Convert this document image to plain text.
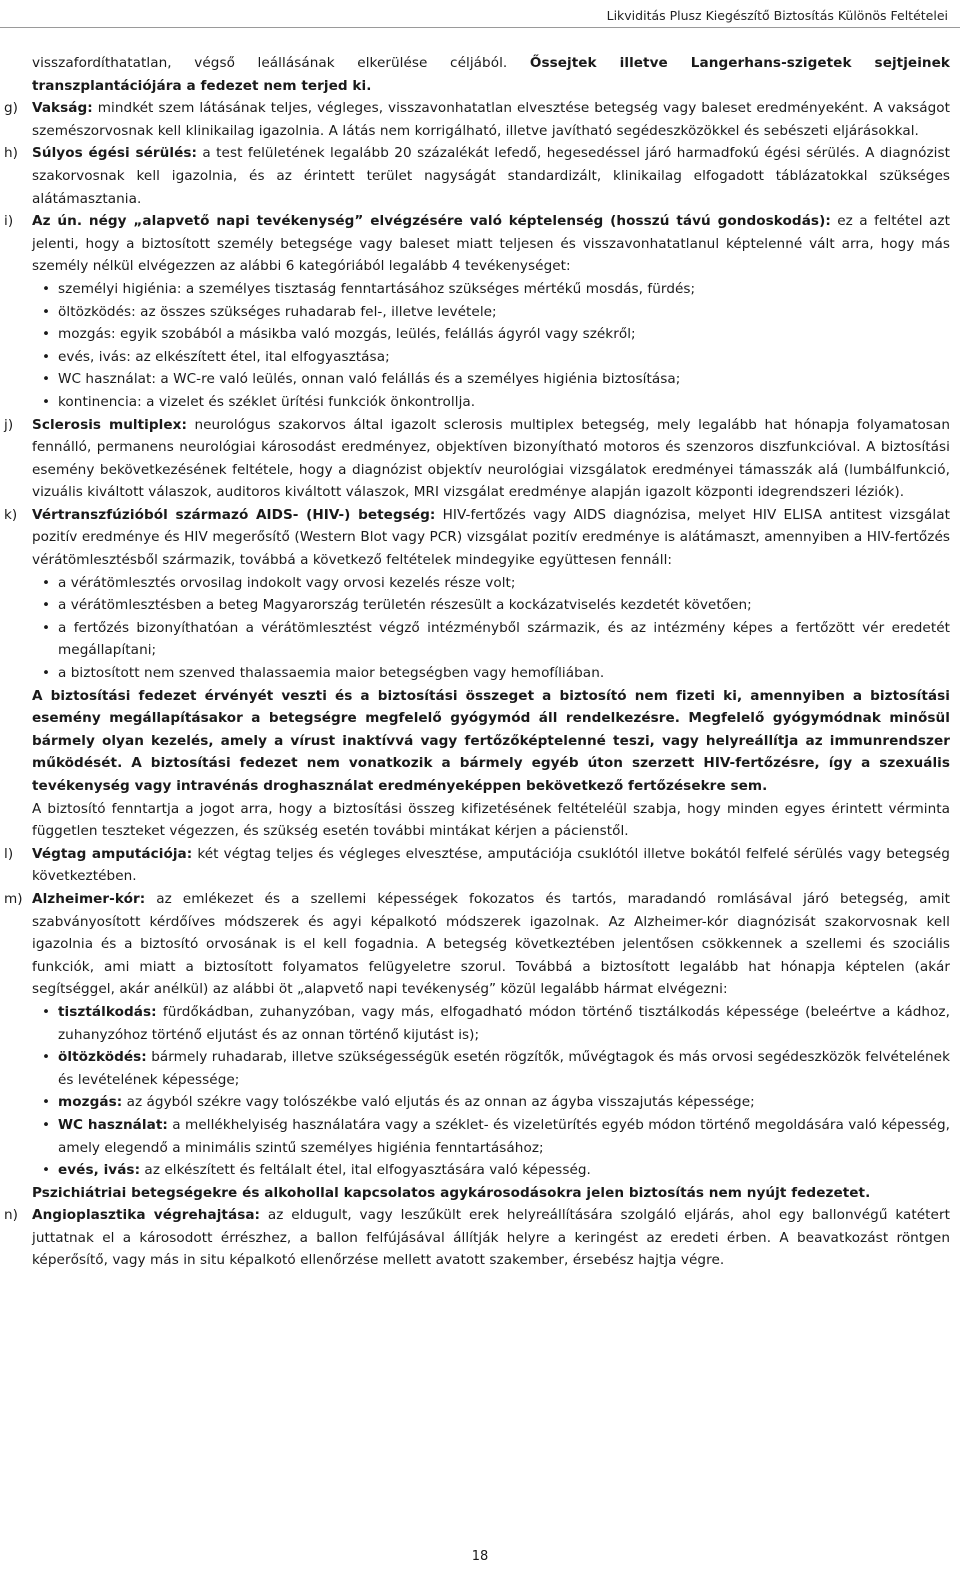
Likviditás Plusz Kiegészítő Biztosítás Különös Feltételei

visszafordíthatatlan, végső leállásának elkerülése céljából. Őssejtek illetve Langerhans-szigetek sejtjeinek transzplantációjára a fedezet nem terjed ki.

g) Vakság: mindkét szem látásának teljes, végleges, visszavonhatatlan elvesztése betegség vagy baleset eredményeként. A vakságot szemészorvosnak kell klinikailag igazolnia. A látás nem korrigálható, illetve javítható segédeszközökkel és sebészeti eljárásokkal.

h) Súlyos égési sérülés: a test felületének legalább 20 százalékát lefedő, hegesedéssel járó harmadfokú égési sérülés. A diagnózist szakorvosnak kell igazolnia, és az érintett terület nagyságát standardizált, klinikailag elfogadott táblázatokkal szükséges alátámasztania.

i) Az ún. négy „alapvető napi tevékenység” elvégzésére való képtelenség (hosszú távú gondoskodás): ez a feltétel azt jelenti, hogy a biztosított személy betegsége vagy baleset miatt teljesen és visszavonhatatlanul képtelenné vált arra, hogy más személy nélkül elvégezzen az alábbi 6 kategóriából legalább 4 tevékenységet:

• személyi higiénia: a személyes tisztaság fenntartásához szükséges mértékű mosdás, fürdés;
• öltözködés: az összes szükséges ruhadarab fel-, illetve levétele;
• mozgás: egyik szobából a másikba való mozgás, leülés, felállás ágyról vagy székről;
• evés, ivás: az elkészített étel, ital elfogyasztása;
• WC használat: a WC-re való leülés, onnan való felállás és a személyes higiénia biztosítása;
• kontinencia: a vizelet és széklet ürítési funkciók önkontrollja.

j) Sclerosis multiplex: neurológus szakorvos által igazolt sclerosis multiplex betegség, mely legalább hat hónapja folyamatosan fennálló, permanens neurológiai károsodást eredményez, objektíven bizonyítható motoros és szenzoros diszfunkcióval. A biztosítási esemény bekövetkezésének feltétele, hogy a diagnózist objektív neurológiai vizsgálatok eredményei támasszák alá (lumbálfunkció, vizuális kiváltott válaszok, auditoros kiváltott válaszok, MRI vizsgálat eredménye alapján igazolt központi idegrendszeri léziók).

k) Vértranszfúzióból származó AIDS- (HIV-) betegség: HIV-fertőzés vagy AIDS diagnózisa, melyet HIV ELISA antitest vizsgálat pozitív eredménye és HIV megerősítő (Western Blot vagy PCR) vizsgálat pozitív eredménye is alátámaszt, amennyiben a HIV-fertőzés vérátömlesztésből származik, továbbá a következő feltételek mindegyike együttesen fennáll:

• a vérátömlesztés orvosilag indokolt vagy orvosi kezelés része volt;
• a vérátömlesztésben a beteg Magyarország területén részesült a kockázatviselés kezdetét követően;
• a fertőzés bizonyíthatóan a vérátömlesztést végző intézményből származik, és az intézmény képes a fertőzött vér eredetét megállapítani;
• a biztosított nem szenved thalassaemia maior betegségben vagy hemofíliában.

A biztosítási fedezet érvényét veszti és a biztosítási összeget a biztosító nem fizeti ki, amennyiben a biztosítási esemény megállapításakor a betegségre megfelelő gyógymód áll rendelkezésre. Megfelelő gyógymódnak minősül bármely olyan kezelés, amely a vírust inaktívvá vagy fertőzőképtelenné teszi, vagy helyreállítja az immunrendszer működését. A biztosítási fedezet nem vonatkozik a bármely egyéb úton szerzett HIV-fertőzésre, így a szexuális tevékenység vagy intravénás droghasználat eredményeképpen bekövetkező fertőzésekre sem.

A biztosító fenntartja a jogot arra, hogy a biztosítási összeg kifizetésének feltételéül szabja, hogy minden egyes érintett vérminta független teszteket végezzen, és szükség esetén további mintákat kérjen a pácienstől.

l) Végtag amputációja: két végtag teljes és végleges elvesztése, amputációja csuklótól illetve bokától felfelé sérülés vagy betegség következtében.

m) Alzheimer-kór: az emlékezet és a szellemi képességek fokozatos és tartós, maradandó romlásával járó betegség, amit szabványosított kérdőíves módszerek és agyi képalkotó módszerek igazolnak. Az Alzheimer-kór diagnózisát szakorvosnak kell igazolnia és a biztosító orvosának is el kell fogadnia. A betegség következtében jelentősen csökkennek a szellemi és szociális funkciók, ami miatt a biztosított folyamatos felügyeletre szorul. Továbbá a biztosított legalább hat hónapja képtelen (akár segítséggel, akár anélkül) az alábbi öt „alapvető napi tevékenység” közül legalább hármat elvégezni:

• tisztálkodás: fürdőkádban, zuhanyzóban, vagy más, elfogadható módon történő tisztálkodás képessége (beleértve a kádhoz, zuhanyzóhoz történő eljutást és az onnan történő kijutást is);
• öltözködés: bármely ruhadarab, illetve szükségességük esetén rögzítők, művégtagok és más orvosi segédeszközök felvételének és levételének képessége;
• mozgás: az ágyból székre vagy tolószékbe való eljutás és az onnan az ágyba visszajutás képessége;
• WC használat: a mellékhelyiség használatára vagy a széklet- és vizeletürítés egyéb módon történő megoldására való képesség, amely elegendő a minimális szintű személyes higiénia fenntartásához;
• evés, ivás: az elkészített és feltálalt étel, ital elfogyasztására való képesség.

Pszichiátriai betegségekre és alkohollal kapcsolatos agykárosodásokra jelen biztosítás nem nyújt fedezetet.

n) Angioplasztika végrehajtása: az eldugult, vagy leszűkült erek helyreállítására szolgáló eljárás, ahol egy ballonvégű katétert juttatnak el a károsodott érrészhez, a ballon felfújásával állítják helyre a keringést az eredeti érben. A beavatkozást röntgen képerősítő, vagy más in situ képalkotó ellenőrzése mellett avatott szakember, érsebész hajtja végre.

18
